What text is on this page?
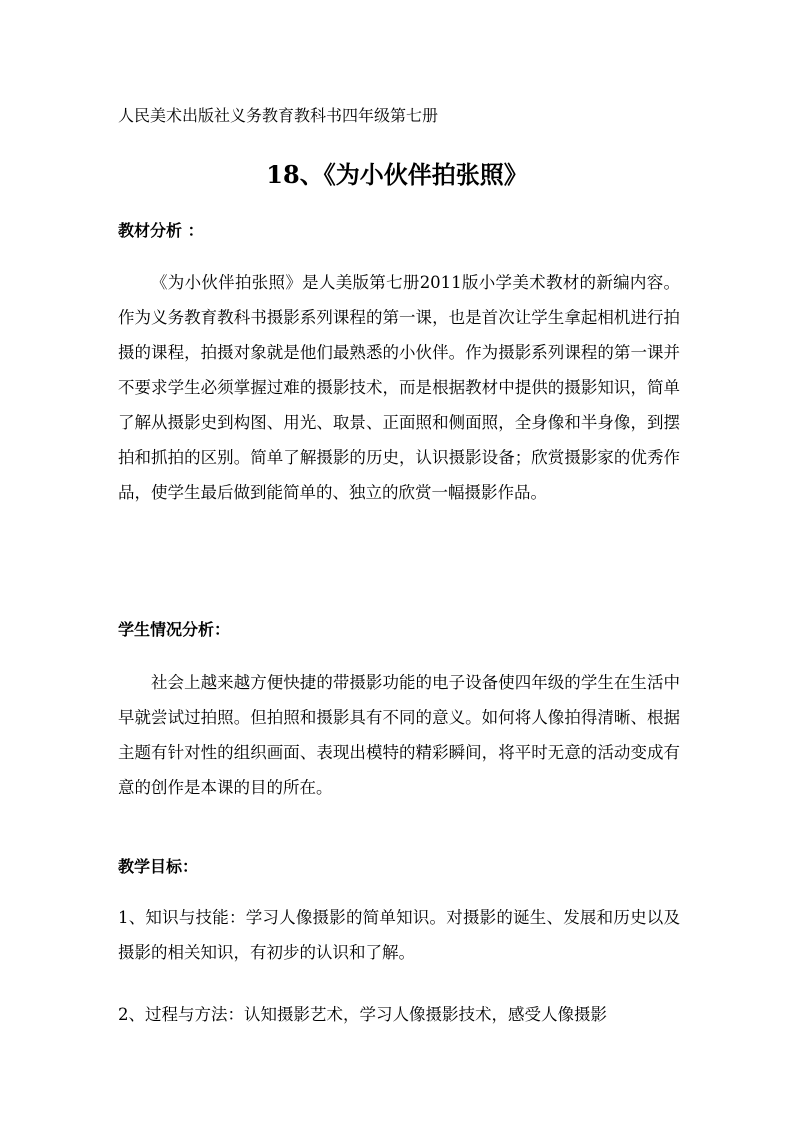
人民美术出版社义务教育教科书四年级第七册
18、《为小伙伴拍张照》
教材分析 ：
《为小伙伴拍张照》是人美版第七册2011版小学美术教材的新编内容。作为义务教育教科书摄影系列课程的第一课，也是首次让学生拿起相机进行拍摄的课程，拍摄对象就是他们最熟悉的小伙伴。作为摄影系列课程的第一课并不要求学生必须掌握过难的摄影技术，而是根据教材中提供的摄影知识，简单了解从摄影史到构图、用光、取景、正面照和侧面照，全身像和半身像，到摆拍和抓拍的区别。简单了解摄影的历史，认识摄影设备；欣赏摄影家的优秀作品，使学生最后做到能简单的、独立的欣赏一幅摄影作品。
学生情况分析：
社会上越来越方便快捷的带摄影功能的电子设备使四年级的学生在生活中早就尝试过拍照。但拍照和摄影具有不同的意义。如何将人像拍得清晰、根据主题有针对性的组织画面、表现出模特的精彩瞬间，将平时无意的活动变成有意的创作是本课的目的所在。
教学目标：
1、知识与技能：学习人像摄影的简单知识。对摄影的诞生、发展和历史以及摄影的相关知识，有初步的认识和了解。
2、过程与方法：认知摄影艺术，学习人像摄影技术，感受人像摄影
